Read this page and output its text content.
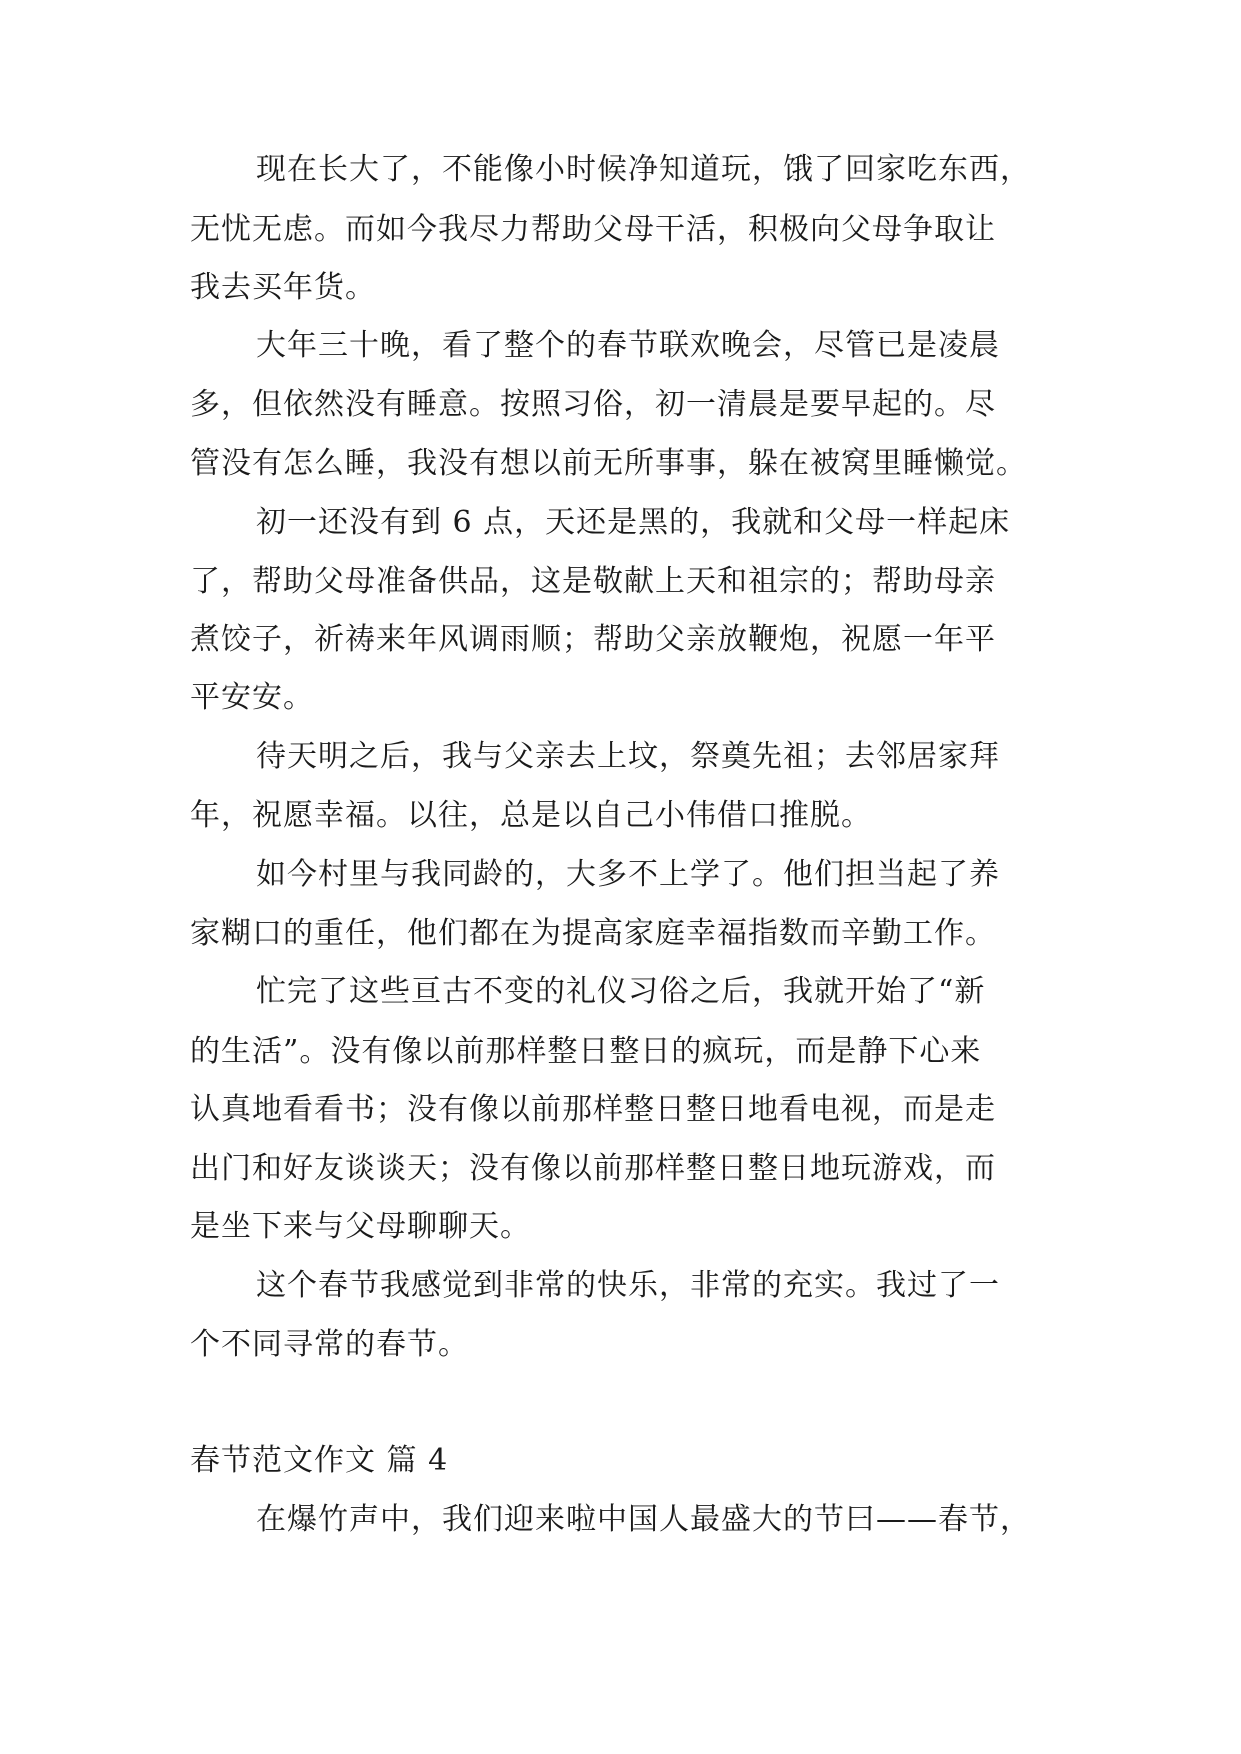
现在长大了，不能像小时候净知道玩，饿了回家吃东西，
无忧无虑。而如今我尽力帮助父母干活，积极向父母争取让
我去买年货。
大年三十晚，看了整个的春节联欢晚会，尽管已是凌晨
多，但依然没有睡意。按照习俗，初一清晨是要早起的。尽
管没有怎么睡，我没有想以前无所事事，躲在被窝里睡懒觉。
初一还没有到 6 点，天还是黑的，我就和父母一样起床
了，帮助父母准备供品，这是敬献上天和祖宗的；帮助母亲
煮饺子，祈祷来年风调雨顺；帮助父亲放鞭炮，祝愿一年平
平安安。
待天明之后，我与父亲去上坟，祭奠先祖；去邻居家拜
年，祝愿幸福。以往，总是以自己小伟借口推脱。
如今村里与我同龄的，大多不上学了。他们担当起了养
家糊口的重任，他们都在为提高家庭幸福指数而辛勤工作。
忙完了这些亘古不变的礼仪习俗之后，我就开始了“新
的生活”。没有像以前那样整日整日的疯玩，而是静下心来
认真地看看书；没有像以前那样整日整日地看电视，而是走
出门和好友谈谈天；没有像以前那样整日整日地玩游戏，而
是坐下来与父母聊聊天。
这个春节我感觉到非常的快乐，非常的充实。我过了一
个不同寻常的春节。
春节范文作文 篇 4
在爆竹声中，我们迎来啦中国人最盛大的节曰——春节，
